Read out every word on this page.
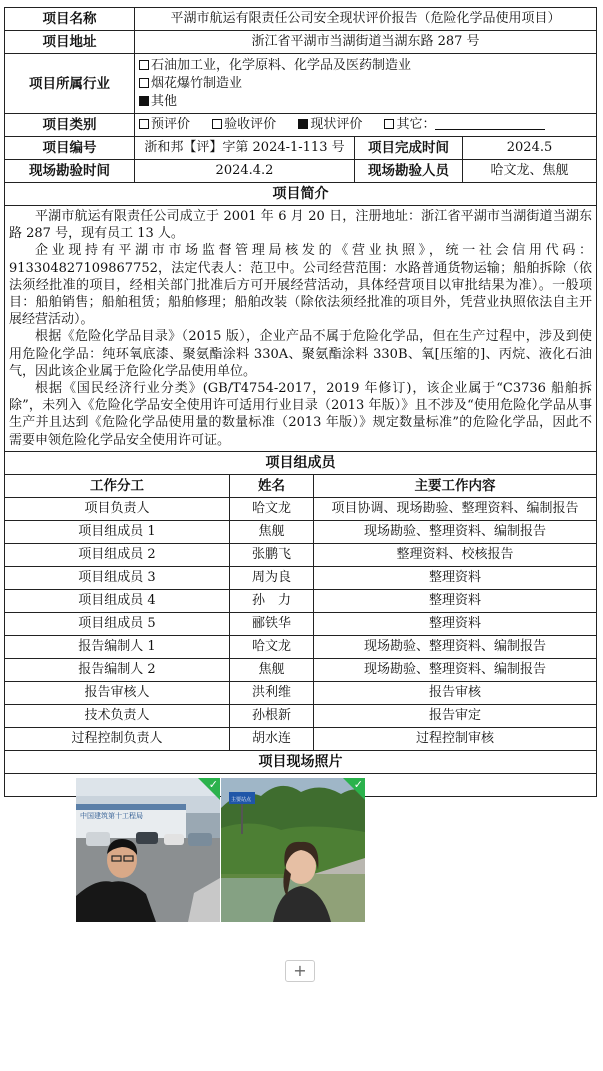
项目名称	平湖市航运有限责任公司安全现状评价报告（危险化学品使用项目）		
项目地址	浙江省平湖市当湖街道当湖东路 287 号		
项目所属行业	石油加工业，化学原料、化学品及医药制造业
烟花爆竹制造业
其他		

项目类别	预评价 验收评价 现状评价 其它：		
项目编号	浙和邦【评】字第 2024-1-113 号	项目完成时间	2024.5
现场勘验时间	2024.4.2	现场勘验人员	哈文龙、焦舰
项目简介			

平湖市航运有限责任公司成立于 2001 年 6 月 20 日，注册地址：浙江省平湖市当湖街道当湖东路 287 号，现有员工 13 人。

企业现持有平湖市市场监督管理局核发的《营业执照》，统一社会信用代码：913304827109867752，法定代表人：范卫中。公司经营范围：水路普通货物运输；船舶拆除（依法须经批准的项目，经相关部门批准后方可开展经营活动，具体经营项目以审批结果为准）。一般项目：船舶销售；船舶租赁；船舶修理；船舶改装（除依法须经批准的项目外，凭营业执照依法自主开展经营活动）。

根据《危险化学品目录》（2015 版），企业产品不属于危险化学品，但在生产过程中，涉及到使用危险化学品：纯环氧底漆、聚氨酯涂料 330A、聚氨酯涂料 330B、氧[压缩的]、丙烷、液化石油气，因此该企业属于危险化学品使用单位。

根据《国民经济行业分类》(GB/T4754-2017，2019 年修订)，该企业属于“C3736 船舶拆除”，未列入《危险化学品安全使用许可适用行业目录（2013 年版）》且不涉及“使用危险化学品从事生产并且达到《危险化学品使用量的数量标准（2013 年版）》规定数量标准”的危险化学品，因此不需要申领危险化学品安全使用许可证。			

项目组成员			
工作分工	姓名	主要工作内容
项目负责人	哈文龙	项目协调、现场勘验、整理资料、编制报告
项目组成员 1	焦舰	现场勘验、整理资料、编制报告
项目组成员 2	张鹏飞	整理资料、校核报告
项目组成员 3	周为良	整理资料
项目组成员 4	孙　力	整理资料
项目组成员 5	郦铁华	整理资料
报告编制人 1	哈文龙	现场勘验、整理资料、编制报告
报告编制人 2	焦舰	现场勘验、整理资料、编制报告
报告审核人	洪利维	报告审核
技术负责人	孙根新	报告审定
过程控制负责人	胡水连	过程控制审核
项目现场照片		

中国建筑第十工程局
✓
主要站点
✓		
+
